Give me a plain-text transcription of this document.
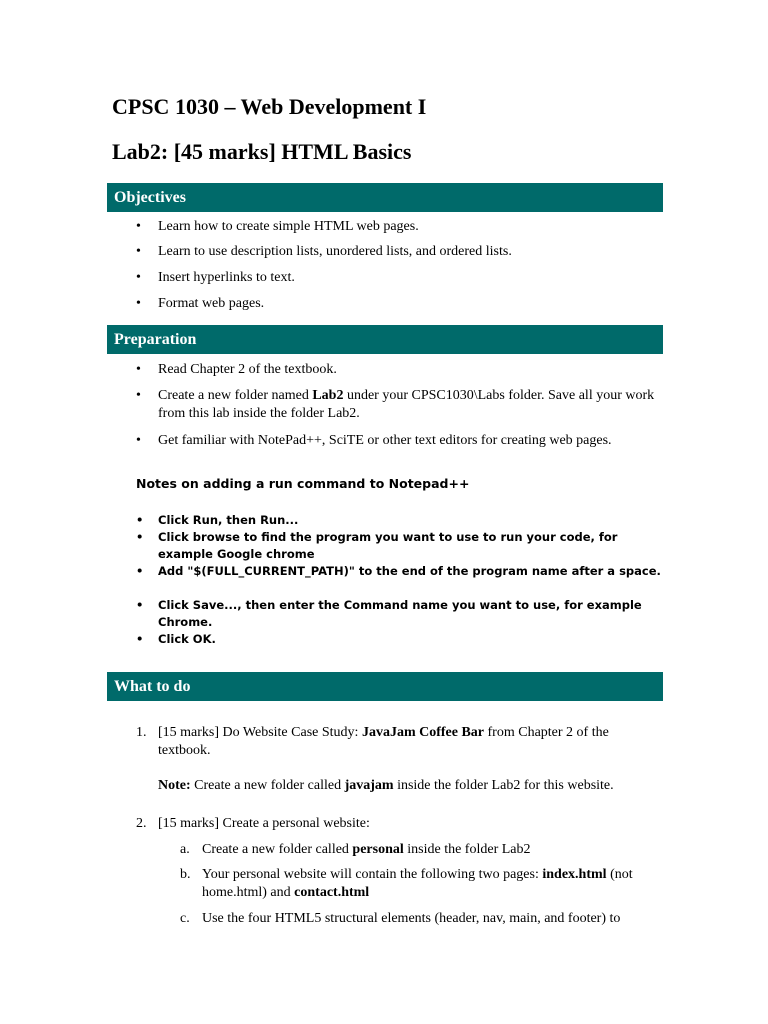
CPSC 1030 – Web Development I
Lab2: [45 marks] HTML Basics
Objectives
•	Learn how to create simple HTML web pages.
•	Learn to use description lists, unordered lists, and ordered lists.
•	Insert hyperlinks to text.
•	Format web pages.
Preparation
•	Read Chapter 2 of the textbook.
•	Create a new folder named Lab2 under your CPSC1030\Labs folder. Save all your work from this lab inside the folder Lab2.
•	Get familiar with NotePad++, SciTE or other text editors for creating web pages.
Notes on adding a run command to Notepad++
• Click Run, then Run...
• Click browse to find the program you want to use to run your code, for example Google chrome
• Add "$(FULL_CURRENT_PATH)" to the end of the program name after a space.
• Click Save..., then enter the Command name you want to use, for example Chrome.
• Click OK.
What to do
1. [15 marks] Do Website Case Study: JavaJam Coffee Bar from Chapter 2 of the textbook.
Note: Create a new folder called javajam inside the folder Lab2 for this website.
2. [15 marks] Create a personal website:
a. Create a new folder called personal inside the folder Lab2
b. Your personal website will contain the following two pages: index.html (not home.html) and contact.html
c. Use the four HTML5 structural elements (header, nav, main, and footer) to
